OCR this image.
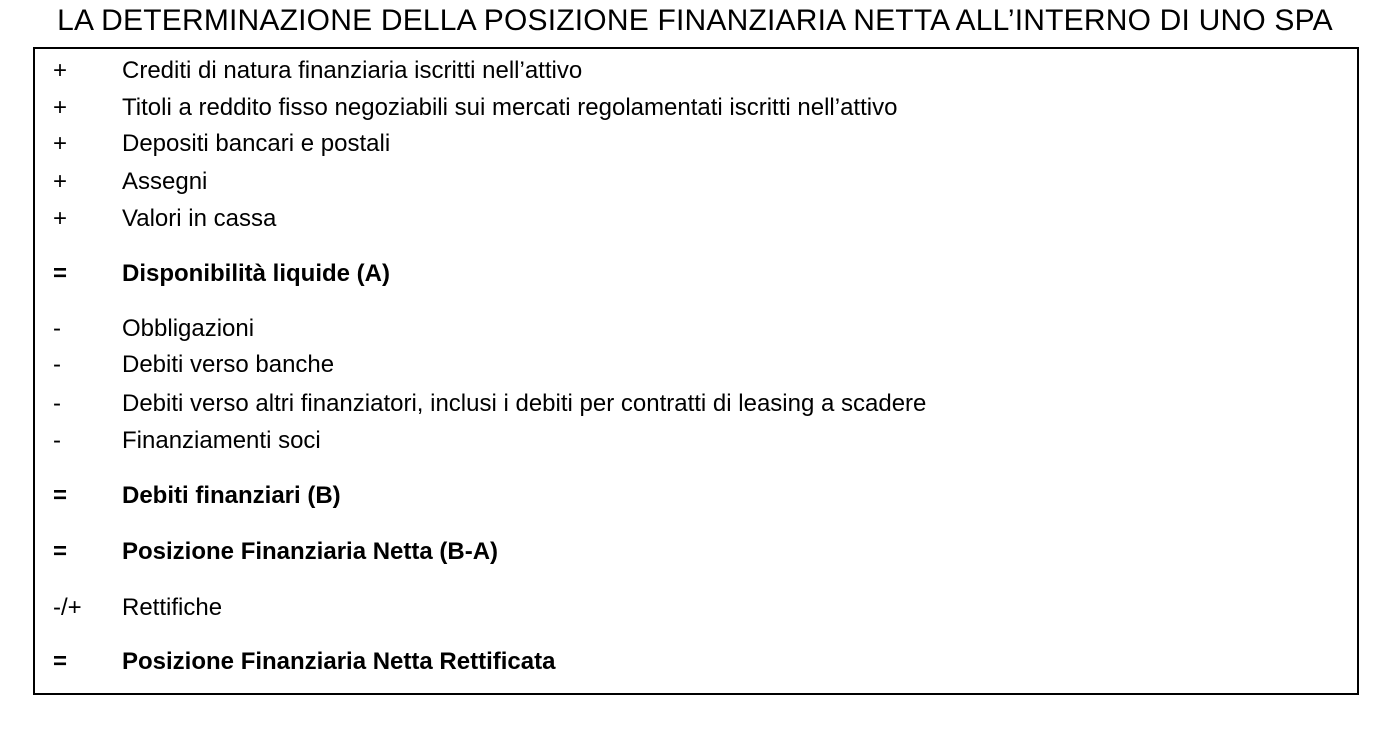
LA DETERMINAZIONE DELLA POSIZIONE FINANZIARIA NETTA ALL’INTERNO DI UNO SPA
+	Crediti di natura finanziaria iscritti nell’attivo
+	Titoli a reddito fisso negoziabili sui mercati regolamentati iscritti nell’attivo
+	Depositi bancari e postali
+	Assegni
+	Valori in cassa
=	Disponibilità liquide (A)
-	Obbligazioni
-	Debiti verso banche
-	Debiti verso altri finanziatori, inclusi i debiti per contratti di leasing a scadere
-	Finanziamenti soci
=	Debiti finanziari (B)
=	Posizione Finanziaria Netta (B-A)
-/+	Rettifiche
=	Posizione Finanziaria Netta Rettificata
